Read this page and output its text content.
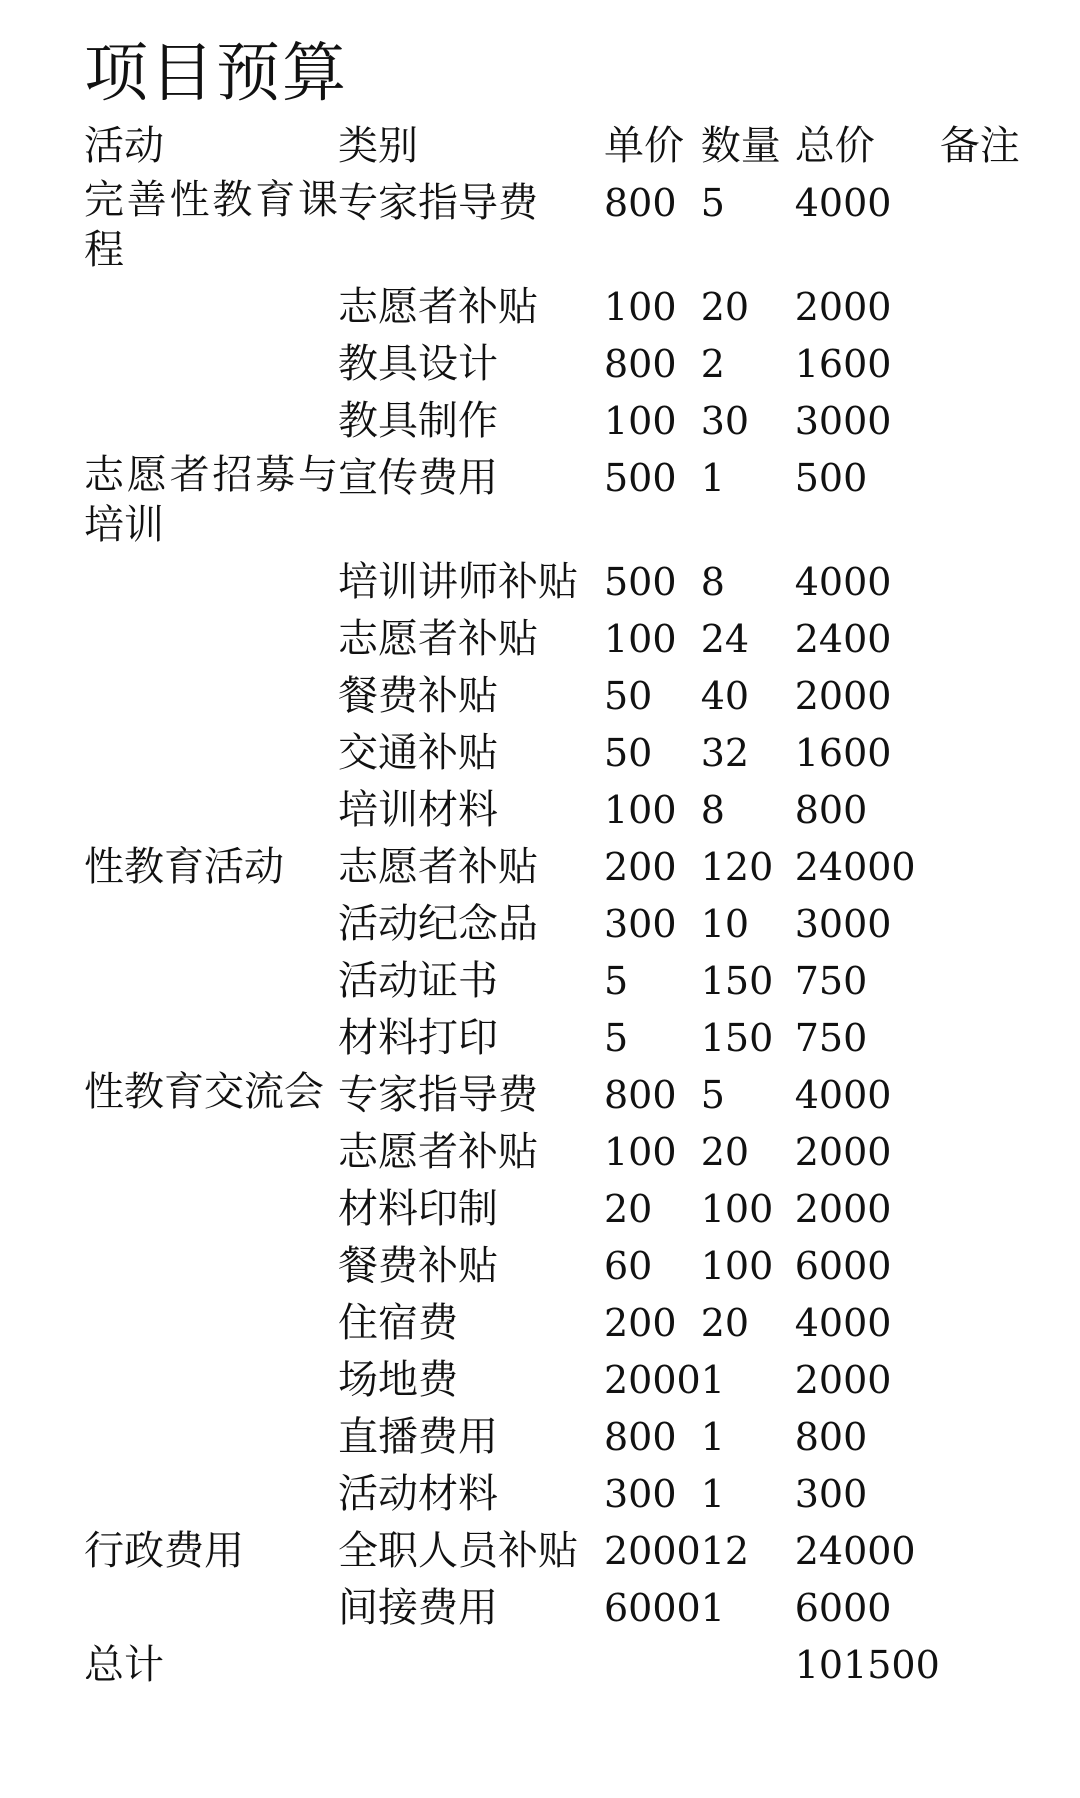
项目预算
活动	类别	单价	数量	总价	备注
完善性教育课程	专家指导费	800	5	4000	
	志愿者补贴	100	20	2000	
	教具设计	800	2	1600	
	教具制作	100	30	3000	
志愿者招募与培训	宣传费用	500	1	500	
	培训讲师补贴	500	8	4000	
	志愿者补贴	100	24	2400	
	餐费补贴	50	40	2000	
	交通补贴	50	32	1600	
	培训材料	100	8	800	
性教育活动	志愿者补贴	200	120	24000	
	活动纪念品	300	10	3000	
	活动证书	5	150	750	
	材料打印	5	150	750	
性教育交流会	专家指导费	800	5	4000	
	志愿者补贴	100	20	2000	
	材料印制	20	100	2000	
	餐费补贴	60	100	6000	
	住宿费	200	20	4000	
	场地费	2000	1	2000	
	直播费用	800	1	800	
	活动材料	300	1	300	
行政费用	全职人员补贴	2000	12	24000	
	间接费用	6000	1	6000	
总计				101500	
